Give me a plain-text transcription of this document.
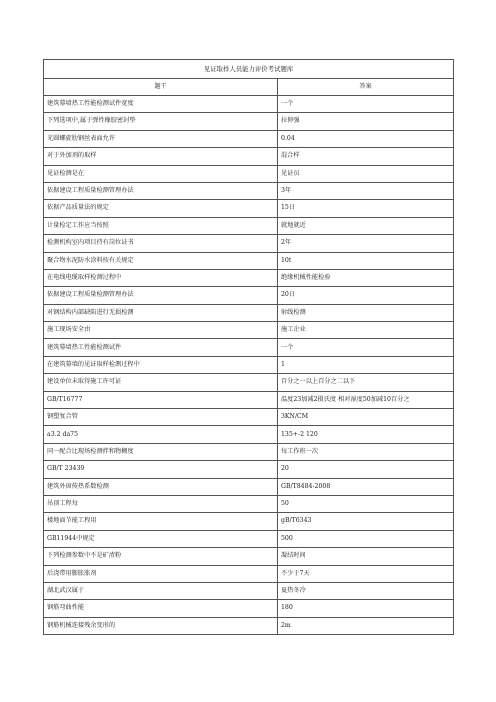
见证取样人员能力评价考试题库	
题干	答案
建筑幕墙热工性能检测试件宽度	一个
下列选项中,属于弹性橡胶密封垫	拉伸强
光圆螺旋肋钢丝表面允许	0.04
对于外加剂的取样	混合样
见证检测是在	见证员
依据建设工程质量检测管理办法	3年
依据产品质量法的规定	15日
计量检定工作应当按照	就地就近
检测机构室内项目持有岗位证书	2年
聚合物水泥防水涂料按有关规定	10t
在电线电缆取样检测过程中	绝缘机械性能检验
依据建设工程质量检测管理办法	20日
对钢结构内部缺陷进行无损检测	射线检测
施工现场安全由	施工企业
建筑幕墙热工性能检测试件	一个
在建筑幕墙的见证取样检测过程中	1
建设单位未取得施工许可证	百分之一以上百分之二以下
GB/T16777	温度23加减2摄氏度 相对湿度50加减10百分之
钢塑复合管	3KN/CM
a3.2 da75	135+-2 120
同一配合比现场检测拌和物稠度	每工作班一次
GB/T 23439	20
建筑外窗传热系数检测	GB/T8484-2008
吊顶工程每	50
楼地面节能工程用	gB/T6343
GB11944中规定	500
下列检测参数中不是矿渣粉	凝结时间
后浇带用膨胀胀剂	不少于7天
湖北武汉属于	夏热冬冷
钢筋弯曲性能	180
钢筋机械连接残余变形的	2m
